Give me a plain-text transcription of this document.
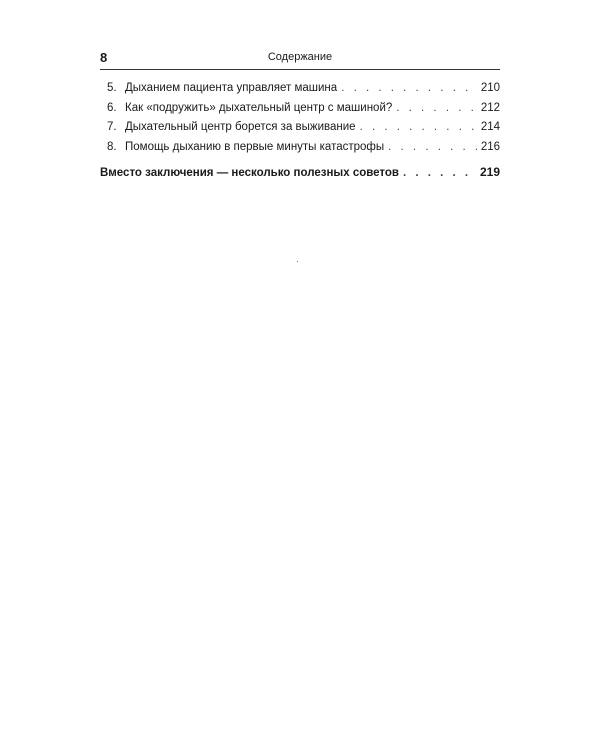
8	Содержание
5. Дыханием пациента управляет машина . . .	210
6. Как «подружить» дыхательный центр с машиной? . . .	212
7. Дыхательный центр борется за выживание . . .	214
8. Помощь дыханию в первые минуты катастрофы . . .	216
Вместо заключения — несколько полезных советов . . .	219
